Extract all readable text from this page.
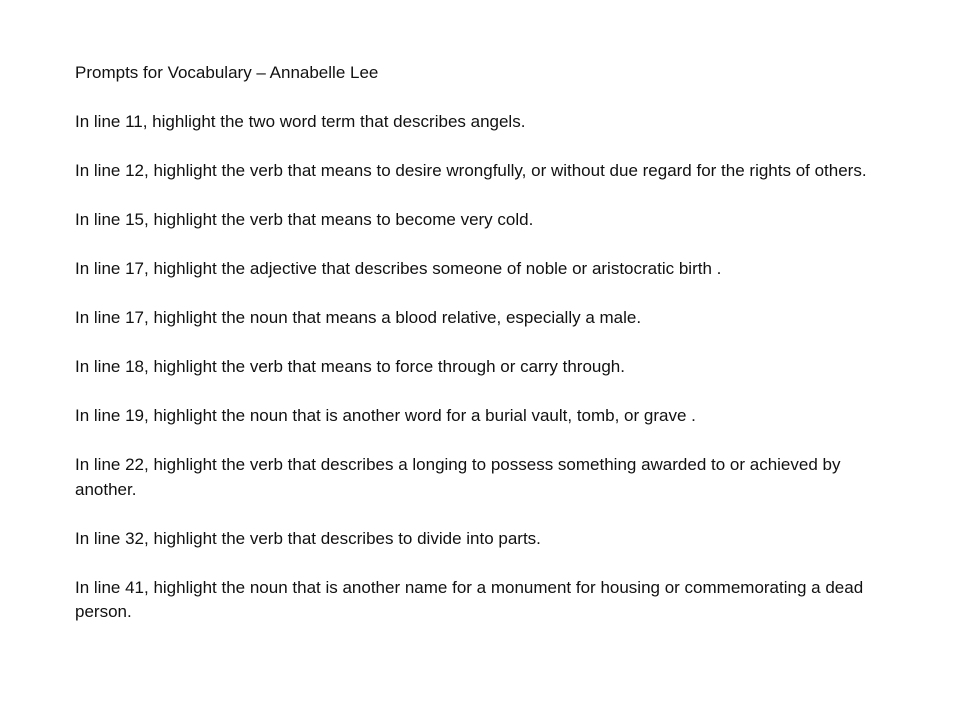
Prompts for Vocabulary – Annabelle Lee

In line 11, highlight the two word term that describes angels.

In line 12, highlight the verb that means to desire wrongfully, or without due regard for the rights of others.

In line 15, highlight the verb that means to become very cold.

In line 17, highlight the adjective that describes someone of noble or aristocratic birth .

In line 17, highlight the noun that means a blood relative, especially a male.

In line 18, highlight the verb that means to force through or carry through.

In line 19, highlight the noun that is another word for a burial vault, tomb, or grave .

In line 22, highlight the verb that describes a longing to possess something awarded to or achieved by another.

In line 32, highlight the verb that describes to divide into parts.

In line 41, highlight the noun that is another name for a monument for housing or commemorating a dead person.
